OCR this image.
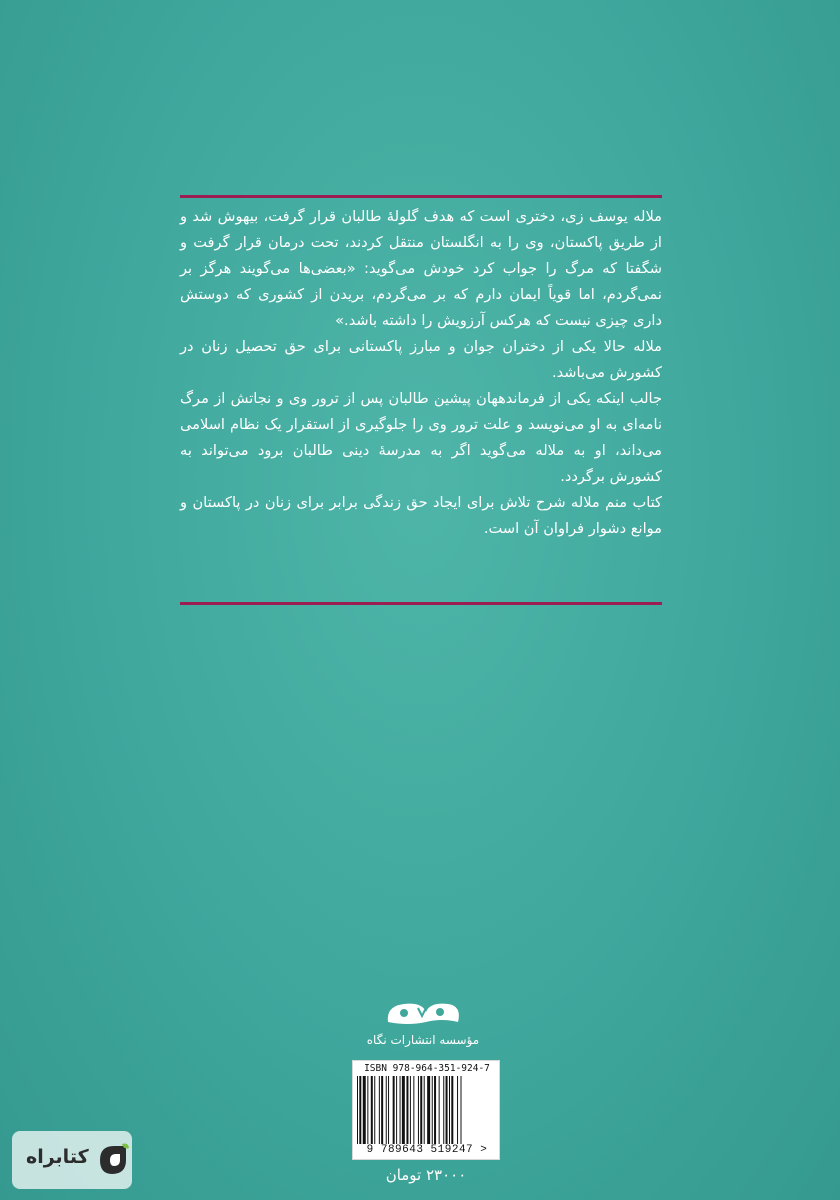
ملاله یوسف زی، دختری است که هدف گلولهٔ طالبان قرار گرفت، بیهوش شد و از طریق پاکستان، وی را به انگلستان منتقل کردند، تحت درمان قرار گرفت و شگفتا که مرگ را جواب کرد خودش می‌گوید: «بعضی‌ها می‌گویند هرگز بر نمی‌گردم، اما قویاً ایمان دارم که بر می‌گردم، بریدن از کشوری که دوستش داری چیزی نیست که هرکس آرزویش را داشته باشد.»

ملاله حالا یکی از دختران جوان و مبارز پاکستانی برای حق تحصیل زنان در کشورش می‌باشد.

جالب اینکه یکی از فرماندههان پیشین طالبان پس از ترور وی و نجاتش از مرگ نامه‌ای به او می‌نویسد و علت ترور وی را جلوگیری از استقرار یک نظام اسلامی می‌داند، او به ملاله می‌گوید اگر به مدرسهٔ دینی طالبان برود می‌تواند به کشورش برگردد.

کتاب منم ملاله شرح تلاش برای ایجاد حق زندگی برابر برای زنان در پاکستان و موانع دشوار فراوان آن است.

مؤسسه انتشارات نگاه
ISBN 978-964-351-924-7
9 789643 519247 >
۲۳۰۰۰ تومان
کتابراه
